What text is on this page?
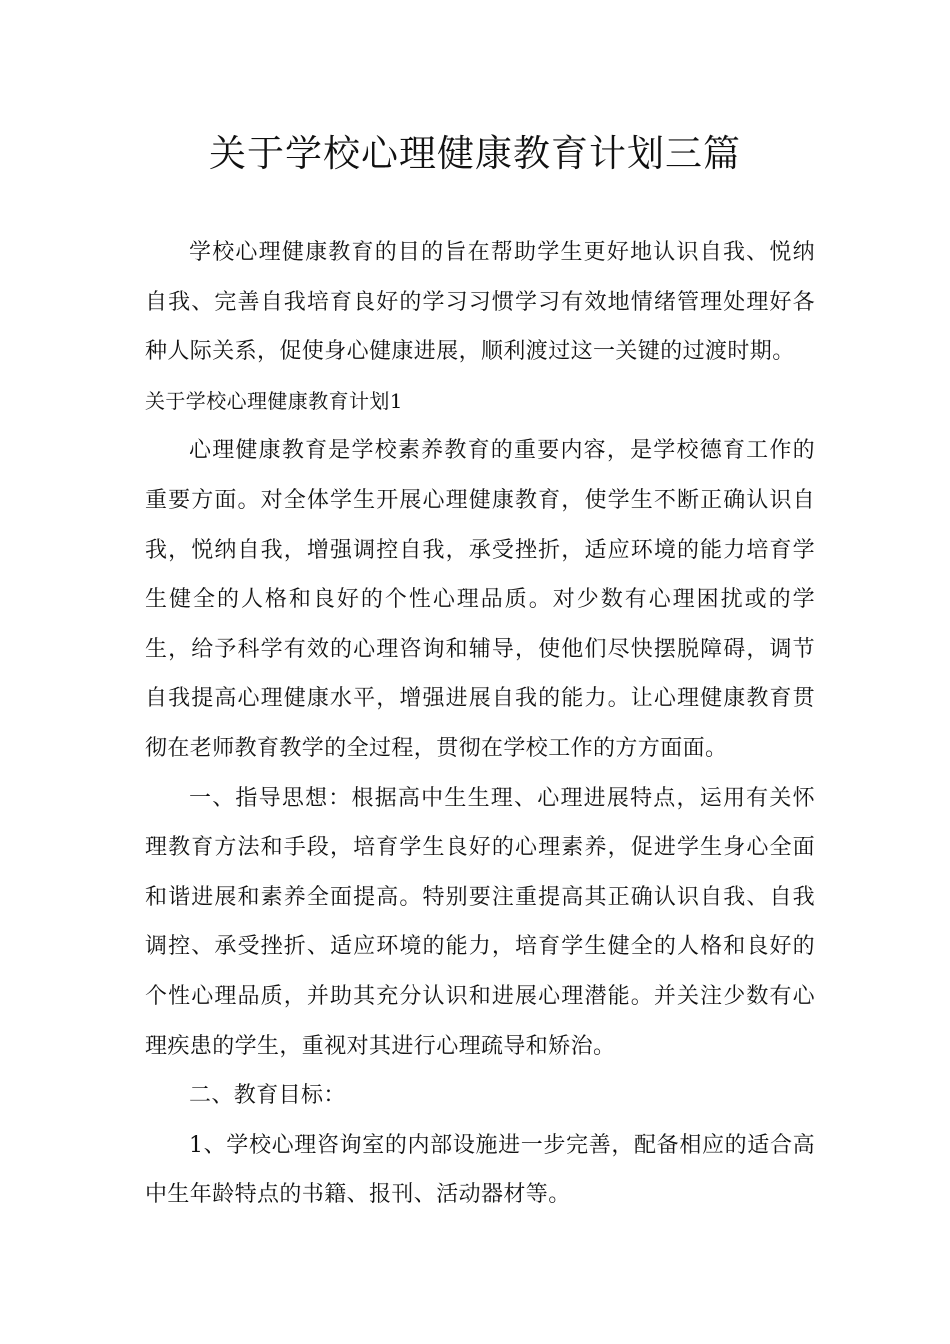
关于学校心理健康教育计划三篇

学校心理健康教育的目的旨在帮助学生更好地认识自我、悦纳自我、完善自我培育良好的学习习惯学习有效地情绪管理处理好各种人际关系，促使身心健康进展，顺利渡过这一关键的过渡时期。

关于学校心理健康教育计划1

心理健康教育是学校素养教育的重要内容，是学校德育工作的重要方面。对全体学生开展心理健康教育，使学生不断正确认识自我，悦纳自我，增强调控自我，承受挫折，适应环境的能力培育学生健全的人格和良好的个性心理品质。对少数有心理困扰或的学生，给予科学有效的心理咨询和辅导，使他们尽快摆脱障碍，调节自我提高心理健康水平，增强进展自我的能力。让心理健康教育贯彻在老师教育教学的全过程，贯彻在学校工作的方方面面。

一、指导思想：根据高中生生理、心理进展特点，运用有关怀理教育方法和手段，培育学生良好的心理素养，促进学生身心全面和谐进展和素养全面提高。特别要注重提高其正确认识自我、自我调控、承受挫折、适应环境的能力，培育学生健全的人格和良好的个性心理品质，并助其充分认识和进展心理潜能。并关注少数有心理疾患的学生，重视对其进行心理疏导和矫治。

二、教育目标：

1、学校心理咨询室的内部设施进一步完善，配备相应的适合高中生年龄特点的书籍、报刊、活动器材等。
